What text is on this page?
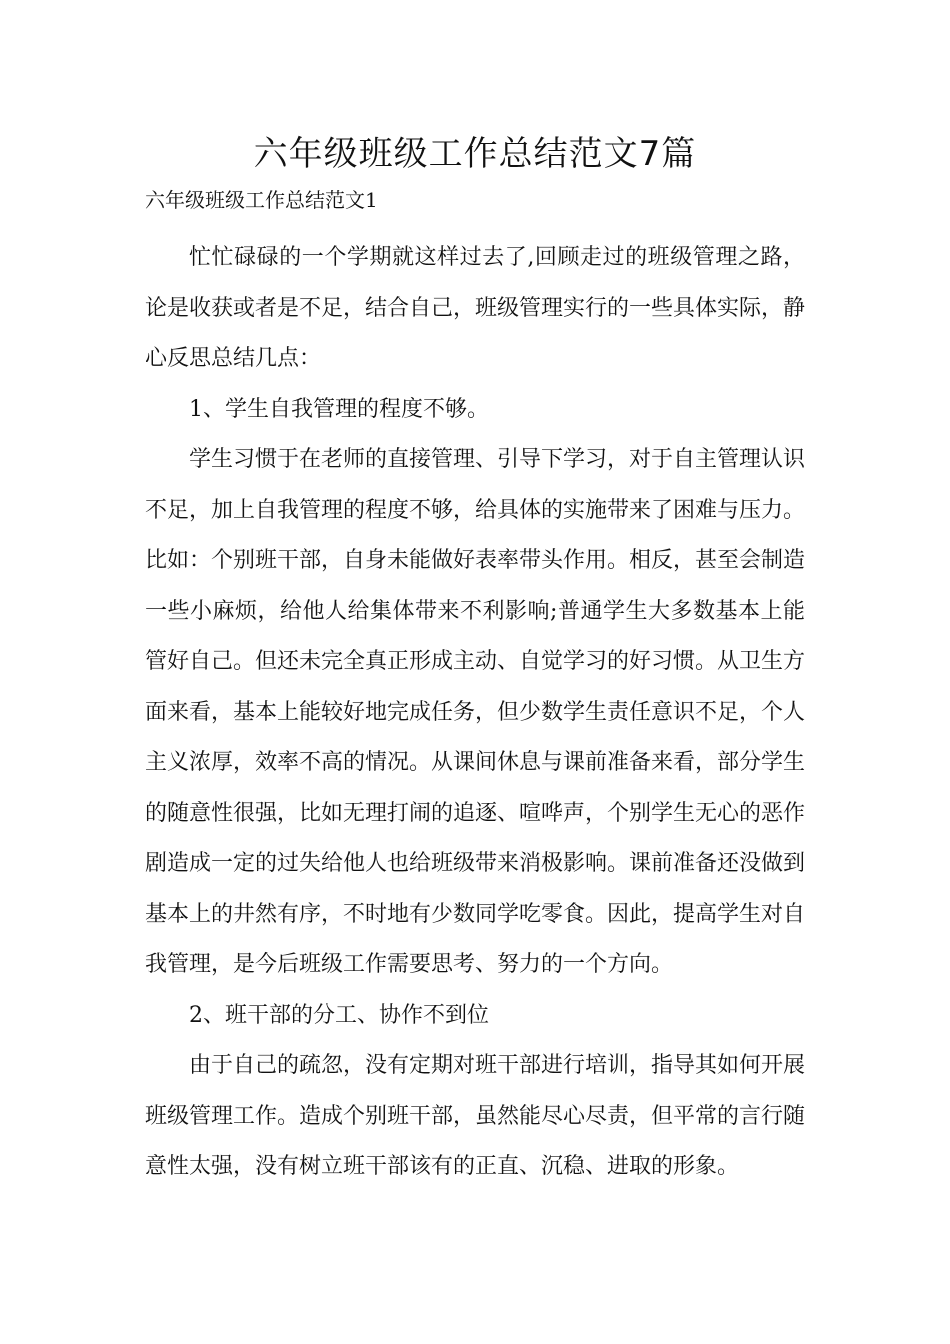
六年级班级工作总结范文7篇

六年级班级工作总结范文1

忙忙碌碌的一个学期就这样过去了,回顾走过的班级管理之路，论是收获或者是不足，结合自己，班级管理实行的一些具体实际，静心反思总结几点：

1、学生自我管理的程度不够。

学生习惯于在老师的直接管理、引导下学习，对于自主管理认识不足，加上自我管理的程度不够，给具体的实施带来了困难与压力。比如：个别班干部，自身未能做好表率带头作用。相反，甚至会制造一些小麻烦，给他人给集体带来不利影响;普通学生大多数基本上能管好自己。但还未完全真正形成主动、自觉学习的好习惯。从卫生方面来看，基本上能较好地完成任务，但少数学生责任意识不足，个人主义浓厚，效率不高的情况。从课间休息与课前准备来看，部分学生的随意性很强，比如无理打闹的追逐、喧哗声，个别学生无心的恶作剧造成一定的过失给他人也给班级带来消极影响。课前准备还没做到基本上的井然有序，不时地有少数同学吃零食。因此，提高学生对自我管理，是今后班级工作需要思考、努力的一个方向。

2、班干部的分工、协作不到位

由于自己的疏忽，没有定期对班干部进行培训，指导其如何开展班级管理工作。造成个别班干部，虽然能尽心尽责，但平常的言行随意性太强，没有树立班干部该有的正直、沉稳、进取的形象。
